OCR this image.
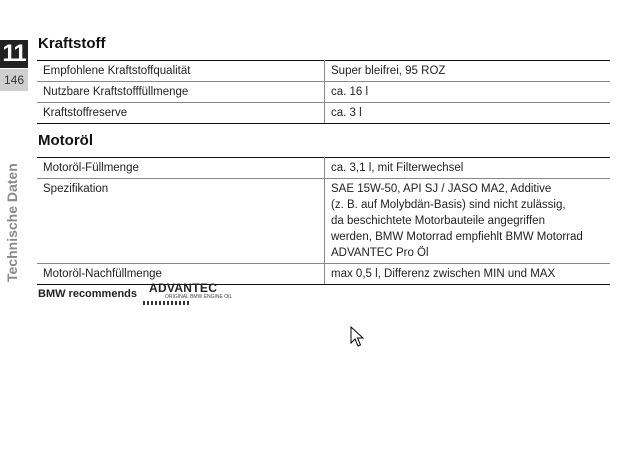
11
146
Technische Daten
Kraftstoff
Empfohlene Kraftstoffqualität	Super bleifrei, 95 ROZ
Nutzbare Kraftstofffüllmenge	ca. 16 l
Kraftstoffreserve	ca. 3 l
Motoröl
Motoröl-Füllmenge	ca. 3,1 l, mit Filterwechsel
Spezifikation	SAE 15W-50, API SJ / JASO MA2, Additive
(z. B. auf Molybdän-Basis) sind nicht zulässig,
da beschichtete Motorbauteile angegriffen
werden, BMW Motorrad empfiehlt BMW Motorrad
ADVANTEC Pro Öl
Motoröl-Nachfüllmenge	max 0,5 l, Differenz zwischen MIN und MAX
BMW recommends ADVANTEC
ORIGINAL BMW ENGINE OIL
